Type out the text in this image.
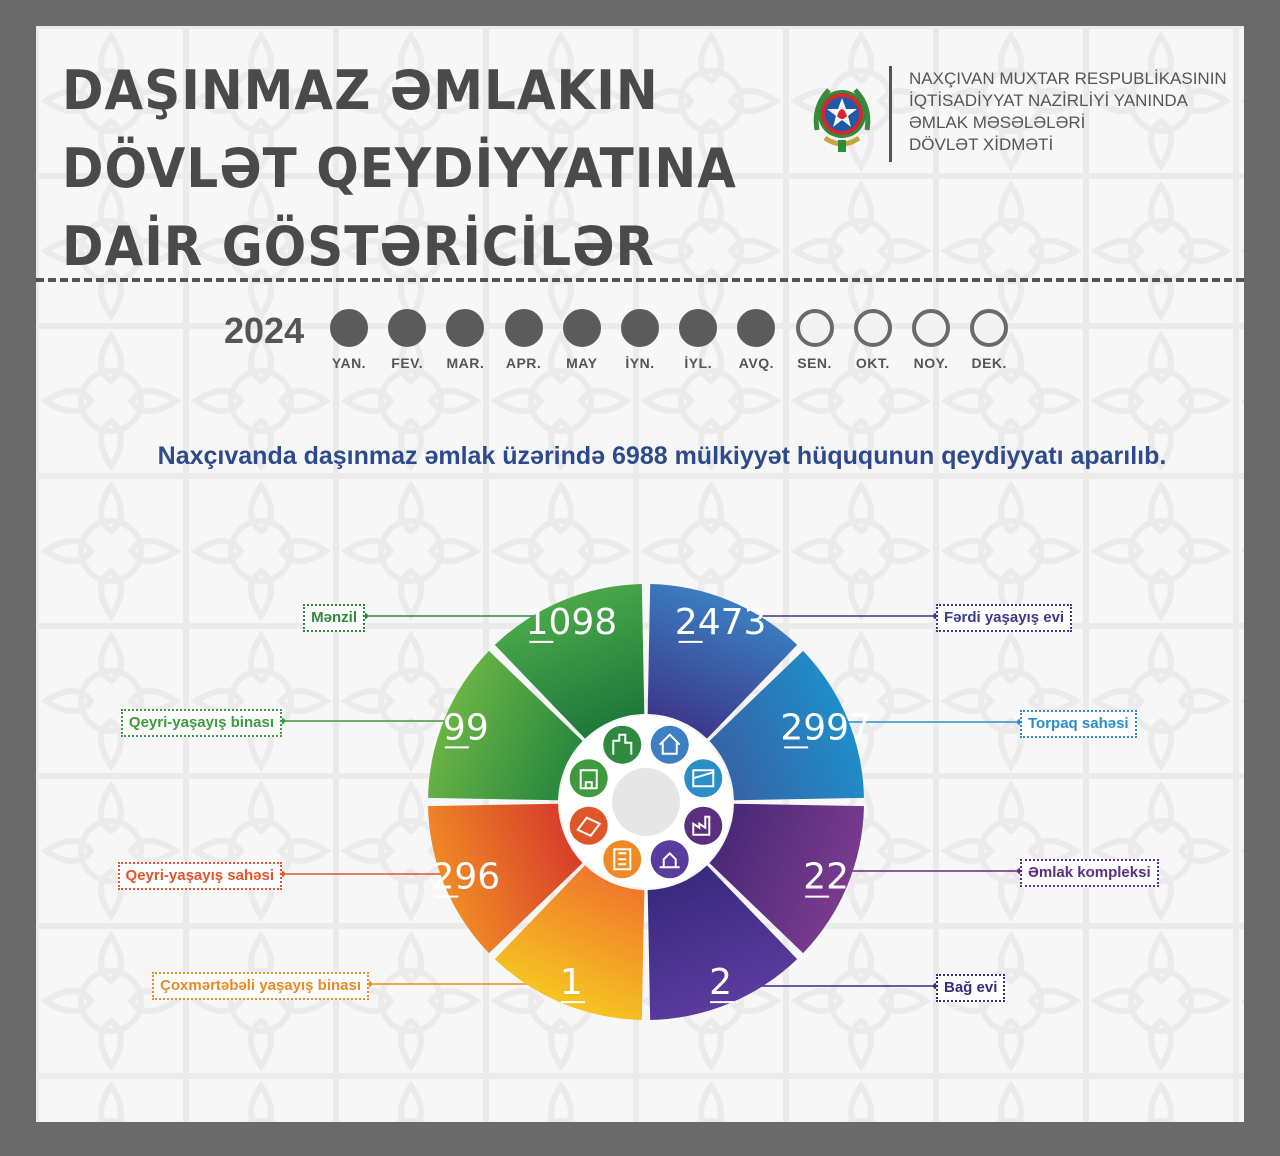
DAŞINMAZ ƏMLAKIN
DÖVLƏT QEYDİYYATINA
DAİR GÖSTƏRİCİLƏR
NAXÇIVAN MUXTAR RESPUBLİKASININ
İQTİSADİYYAT NAZİRLİYİ YANINDA
ƏMLAK MƏSƏLƏLƏRİ
DÖVLƏT XİDMƏTİ
2024
YAN.	FEV.	MAR.	APR.	MAY	İYN.	İYL.	AVQ.	SEN.	OKT.	NOY.	DEK.
Naxçıvanda daşınmaz əmlak üzərində 6988 mülkiyyət hüququnun qeydiyyatı aparılıb.
2473
2997
22
2
1
296
99
1098	Fərdi yaşayış evi
Torpaq sahəsi
Əmlak kompleksi
Bağ evi
Çoxmərtəbəli yaşayış binası
Qeyri-yaşayış sahəsi
Qeyri-yaşayış binası
Mənzil
